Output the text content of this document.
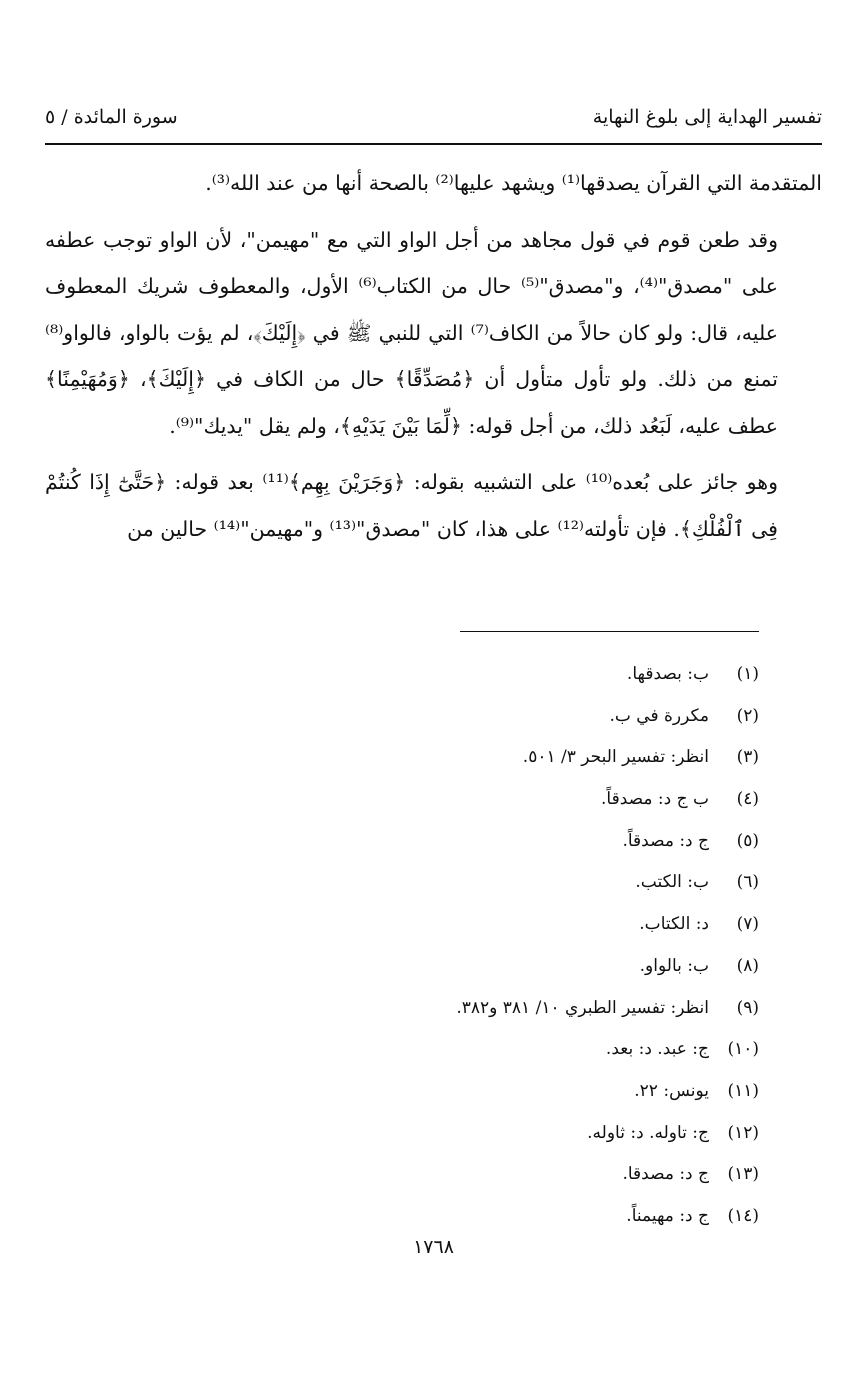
تفسير الهداية إلى بلوغ النهاية
سورة المائدة / ٥

المتقدمة التي القرآن يصدقها⁽¹⁾ ويشهد عليها⁽²⁾ بالصحة أنها من عند الله⁽³⁾.

وقد طعن قوم في قول مجاهد من أجل الواو التي مع "مهيمن"، لأن الواو توجب عطفه على "مصدق"⁽⁴⁾، و"مصدق"⁽⁵⁾ حال من الكتاب⁽⁶⁾ الأول، والمعطوف شريك المعطوف عليه، قال: ولو كان حالاً من الكاف⁽⁷⁾ التي للنبي ﷺ في ﴿إِلَيْكَ﴾، لم يؤت بالواو، فالواو⁽⁸⁾ تمنع من ذلك. ولو تأول متأول أن ﴿مُصَدِّقًا﴾ حال من الكاف في ﴿إِلَيْكَ﴾، ﴿وَمُهَيْمِنًا﴾ عطف عليه، لَبَعُد ذلك، من أجل قوله: ﴿لِّمَا بَيْنَ يَدَيْهِ﴾، ولم يقل "يديك"⁽⁹⁾.

وهو جائز على بُعده⁽¹⁰⁾ على التشبيه بقوله: ﴿وَجَرَيْنَ بِهِم﴾⁽¹¹⁾ بعد قوله: ﴿حَتَّىٰٓ إِذَا كُنتُمْ فِى ٱلْفُلْكِ﴾. فإن تأولته⁽¹²⁾ على هذا، كان "مصدق"⁽¹³⁾ و"مهيمن"⁽¹⁴⁾ حالين من

(١)ب: بصدقها.
(٢)مكررة في ب.
(٣)انظر: تفسير البحر ٣/ ٥٠١.
(٤)ب ج د: مصدقاً.
(٥)ج د: مصدقاً.
(٦)ب: الكتب.
(٧)د: الكتاب.
(٨)ب: بالواو.
(٩)انظر: تفسير الطبري ١٠/ ٣٨١ و٣٨٢.
(١٠)ج: عبد. د: بعد.
(١١)يونس: ٢٢.
(١٢)ج: تاوله. د: ثاوله.
(١٣)ج د: مصدقا.
(١٤)ج د: مهيمناً.
١٧٦٨
